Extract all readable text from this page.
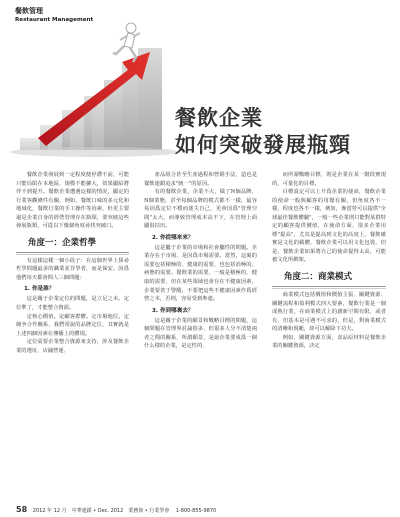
餐飲管理
Restaurant Management
餐飲企業
如何突破發展瓶頸

餐飲企業發展到一定程度便停滯不前，可能只能局限在本地區，規模不能擴大，效果顯給將伴不到提升。餐飲企業遭遇這樣的情況，顯定的行業客觀條件有關，例如，餐飲口味的多元化和地域化，餐飲行業的手工操作等因素，但更主要還是企業自身的經營管理存在瓶頸，要突破這些發展瓶頸，可從以下幾個角度尋找突破口。

角度一：企業哲學

有這樣這樣一個小段子：在這個世界上探尋哲學問題最多的職業並非學者，而是保安。因爲他們每天都會問人三個問題：

1. 你是誰？

這是關于企業定位的問題，是立足之本。定位準了，才能整合資源。

定核心價值。定顧客群體。定市場地位。定競争合作關系，我們常說的品牌定位，其實就是上述四個因素在傳播上的體現。

定位需要企業整合資源來支持，涉及餐飲企業的選址、店鋪營運、

產品組合甚至生產過程和營銷手法，造也是餐飲連鎖追求"統一"的原因。

有的餐飲企業，企業不大，做了N個品牌，N個業態，甚至每個品牌的模式都不一樣，最容易因爲定位不穩而迷失自己，更會因爲"管理空間"太大，而導致管理成本高不下，在管理上面顯很拮出。

2. 你從哪來來？

這是屬于企業的市場和社會屬性的問題。企業存在于市場，是因爲市場需要。當然，這裏的需要包括積極的、健康的需要，也包括消極的、病態的需要。餐飲業的需要，一般是積極的、健康的需要，但在某些領域也會存在不健康因素，企業要善于警醒，不要把這些不健康因素作爲經營之本，否則，容易受到牽連。

3. 你到哪裏去？

這是關于企業的願景和戰略目標的問題，這個問題在管理界討論很多，但很多人分不清楚兩者之間的關系，所謂願景，是說企業要成爲一個什么樣的企業，是定性的，

而所謂戰略目標，則是企業在某一階段實現的，可量化的目標。

目標設定可以上升爲企業的使命，餐飲企業的使命一般與顧客的用餐有關，但角度各不一樣，程度也各不一樣，例如，麥當勞可以提供"全球最佳餐飲體驗"，一般一些企業則只能對某群特定的顧客提供價值，在使命方面，很多企業用標"提高"，尤其是提高到文化的高度上，餐飲確實是文化的載體，餐飲企業可以用文化包裝，但是，餐飲企業如果將自己的使命提得太高，可能被文化所綁架。

角度二：商業模式

商業模式包括價值和價值主張、關鍵資源、關鍵流程和盈利模式四大要素，餐飲行業是一個成熟行業，在商業模式上的創新空間有限，或者有，但基本是可遇不可求的，但是，對商業模式的清晰和規範，却可以解除下功夫。

例如，關鍵資源方面，食品原材料是餐飲企業的關鍵資源，決定

58 2012 年 12 月　中華連鎖 • Dec. 2012　業務與 • 行業學會 1-800-855-9870
